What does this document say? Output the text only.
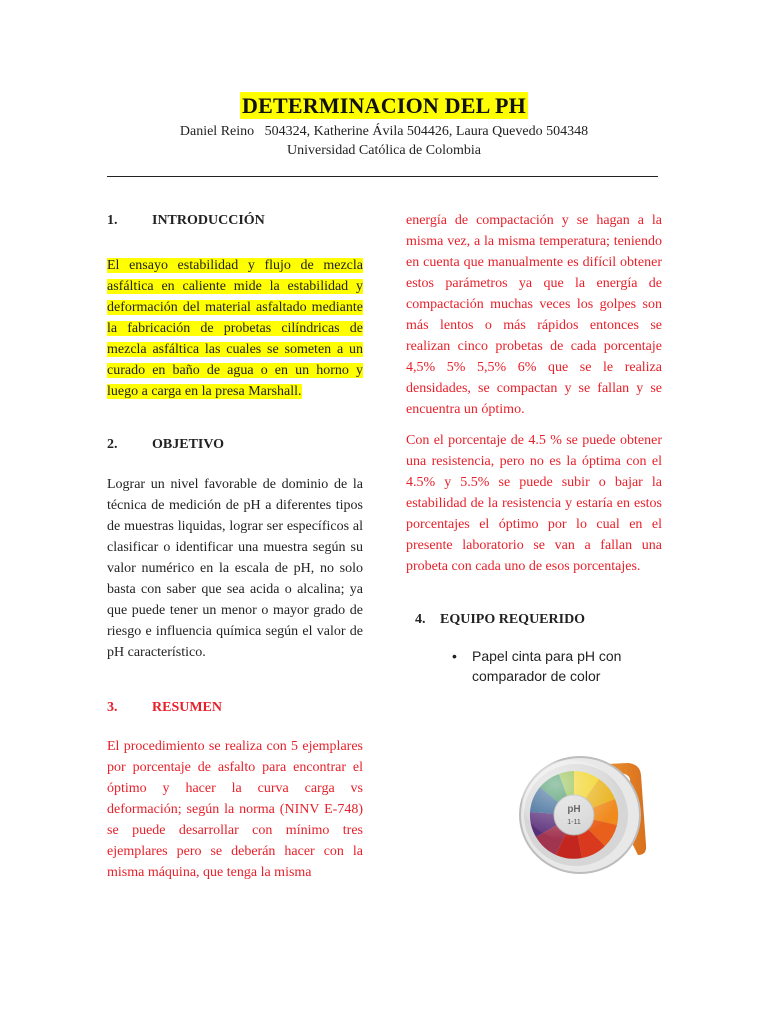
DETERMINACION DEL PH
Daniel Reino   504324, Katherine Ávila 504426, Laura Quevedo 504348
Universidad Católica de Colombia
1.	INTRODUCCIÓN

El ensayo estabilidad y flujo de mezcla asfáltica en caliente mide la estabilidad y deformación del material asfaltado mediante la fabricación de probetas cilíndricas de mezcla asfáltica las cuales se someten a un curado en baño de agua o en un horno y luego a carga en la presa Marshall.

2.	OBJETIVO

Lograr un nivel favorable de dominio de la técnica de medición de pH a diferentes tipos de muestras liquidas, lograr ser específicos al clasificar o identificar una muestra según su valor numérico en la escala de pH, no solo basta con saber que sea acida o alcalina; ya que puede tener un menor o mayor grado de riesgo e influencia química según el valor de pH característico.

3.	RESUMEN

El procedimiento se realiza con 5 ejemplares por porcentaje de asfalto para encontrar el óptimo y hacer la curva carga vs deformación; según la norma (NINV E-748) se puede desarrollar con mínimo tres ejemplares pero se deberán hacer con la misma máquina, que tenga la misma

energía de compactación y se hagan a la misma vez, a la misma temperatura; teniendo en cuenta que manualmente es difícil obtener estos parámetros ya que la energía de compactación muchas veces los golpes son más lentos o más rápidos entonces se realizan cinco probetas de cada porcentaje 4,5% 5% 5,5% 6% que se le realiza densidades, se compactan y se fallan y se encuentra un óptimo.

Con el porcentaje de 4.5 % se puede obtener una resistencia, pero no es la óptima con el 4.5% y 5.5% se puede subir o bajar la estabilidad de la resistencia y estaría en estos porcentajes el óptimo por lo cual en el presente laboratorio se van a fallan una probeta con cada uno de esos porcentajes.

4.	EQUIPO REQUERIDO
• Papel cinta para pH con comparador de color
